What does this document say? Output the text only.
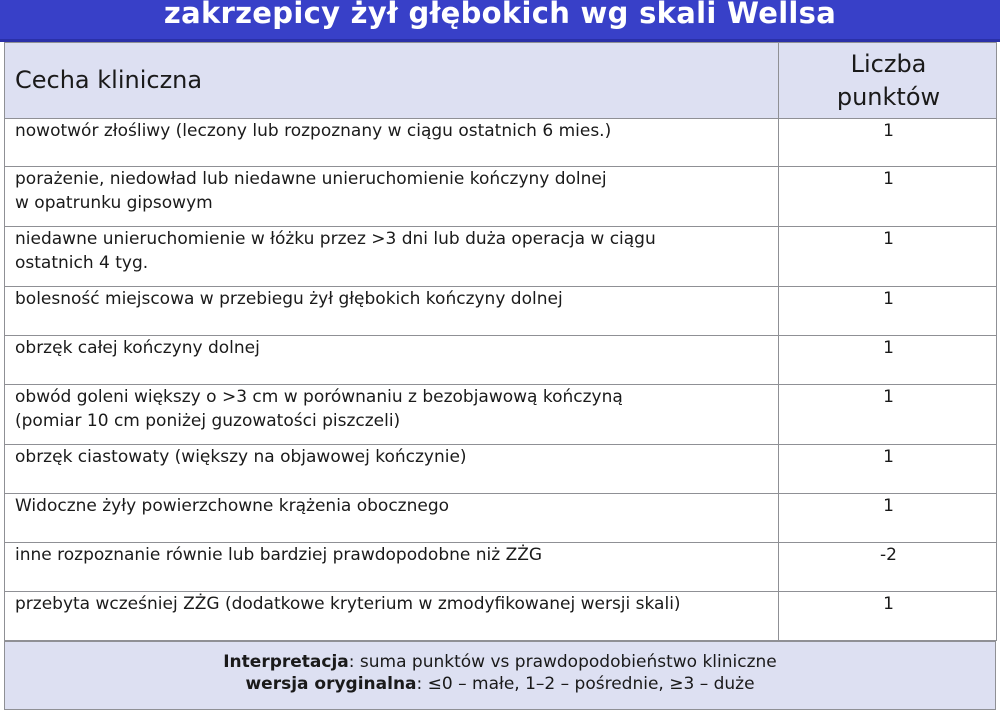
zakrzepicy żył głębokich wg skali Wellsa
Cecha kliniczna	Liczba
punktów
nowotwór złośliwy (leczony lub rozpoznany w ciągu ostatnich 6 mies.)	1
porażenie, niedowład lub niedawne unieruchomienie kończyny dolnej
w opatrunku gipsowym	1
niedawne unieruchomienie w łóżku przez >3 dni lub duża operacja w ciągu
ostatnich 4 tyg.	1
bolesność miejscowa w przebiegu żył głębokich kończyny dolnej	1
obrzęk całej kończyny dolnej	1
obwód goleni większy o >3 cm w porównaniu z bezobjawową kończyną
(pomiar 10 cm poniżej guzowatości piszczeli)	1
obrzęk ciastowaty (większy na objawowej kończynie)	1
Widoczne żyły powierzchowne krążenia obocznego	1
inne rozpoznanie równie lub bardziej prawdopodobne niż ZŻG	-2
przebyta wcześniej ZŻG (dodatkowe kryterium w zmodyfikowanej wersji skali)	1
Interpretacja: suma punktów vs prawdopodobieństwo kliniczne
wersja oryginalna: ≤0 – małe, 1–2 – pośrednie, ≥3 – duże
